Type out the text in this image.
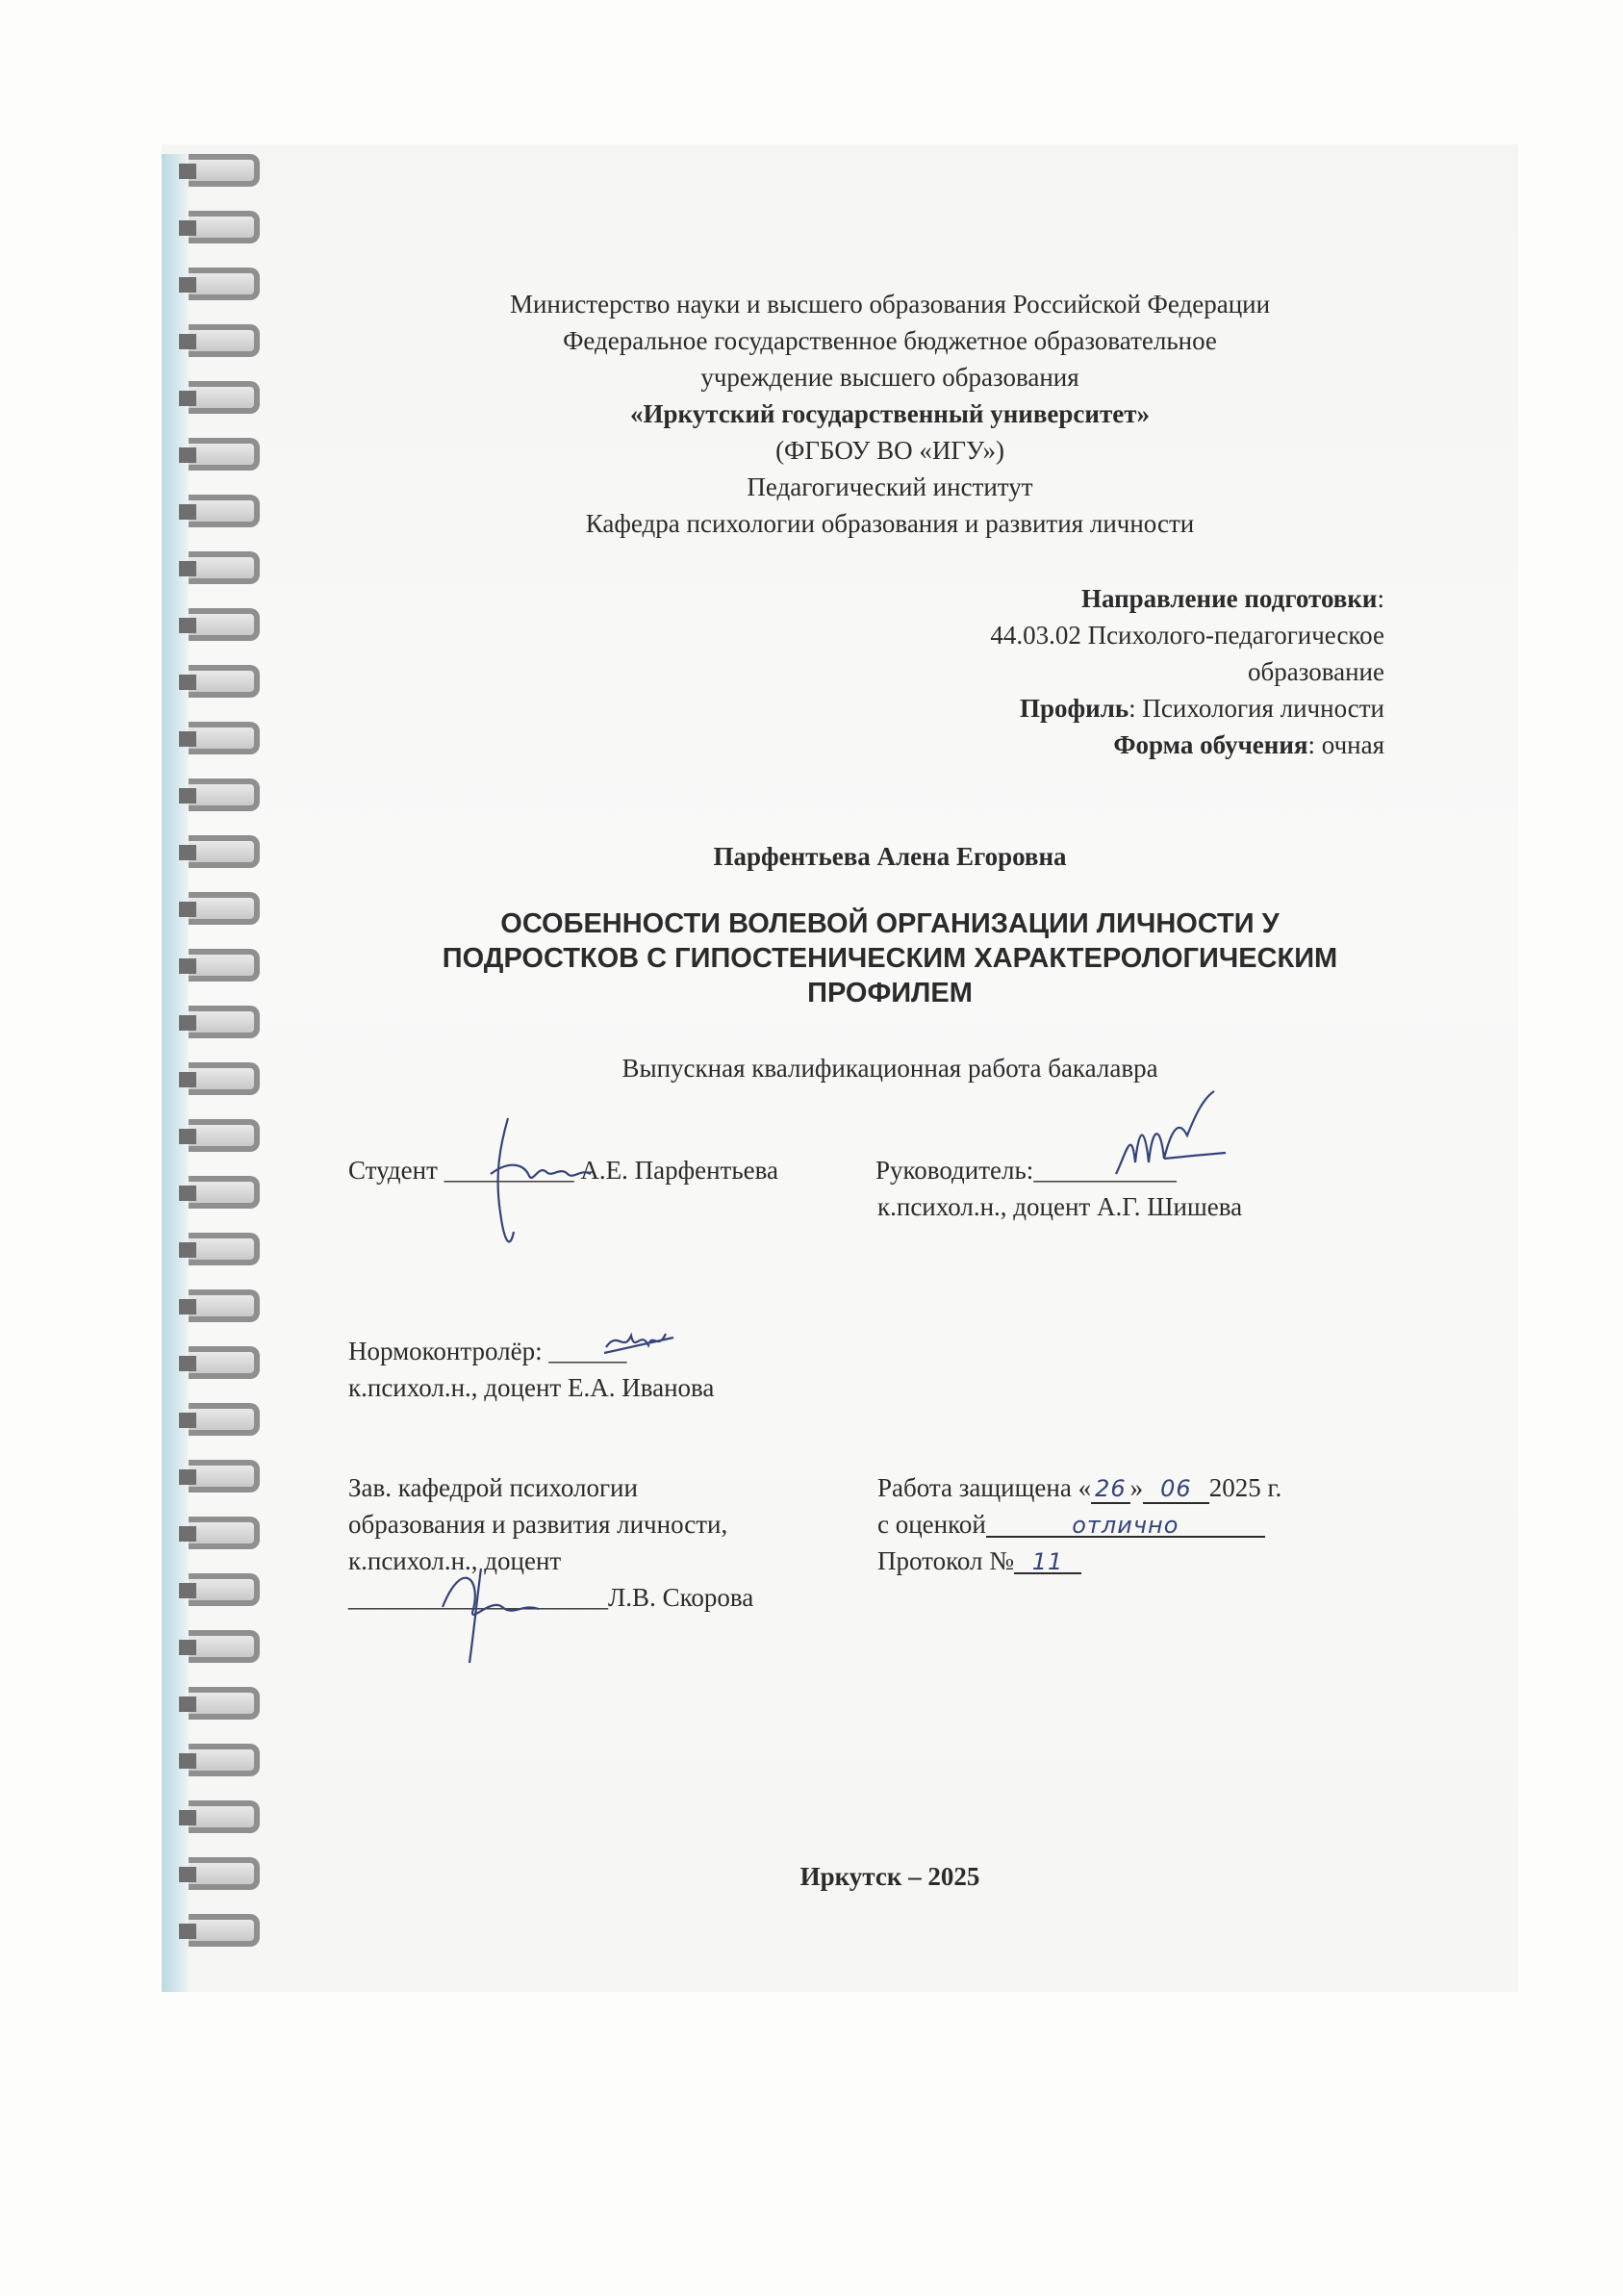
Министерство науки и высшего образования Российской Федерации
Федеральное государственное бюджетное образовательное
учреждение высшего образования
«Иркутский государственный университет»
(ФГБОУ ВО «ИГУ»)
Педагогический институт
Кафедра психологии образования и развития личности
Направление подготовки:
44.03.02 Психолого-педагогическое
образование
Профиль: Психология личности
Форма обучения: очная
Парфентьева Алена Егоровна
ОСОБЕННОСТИ ВОЛЕВОЙ ОРГАНИЗАЦИИ ЛИЧНОСТИ У
ПОДРОСТКОВ С ГИПОСТЕНИЧЕСКИМ ХАРАКТЕРОЛОГИЧЕСКИМ
ПРОФИЛЕМ
Выпускная квалификационная работа бакалавра
Студент __________ А.Е. Парфентьева	Руководитель:___________
к.психол.н., доцент А.Г. Шишева
Нормоконтролёр: ______
к.психол.н., доцент Е.А. Иванова
Зав. кафедрой психологии
образования и развития личности,
к.психол.н., доцент
____________________Л.В. Скорова
Работа защищена « 26 » 06 2025 г.
с оценкой	отлично
Протокол № 11
Иркутск – 2025
